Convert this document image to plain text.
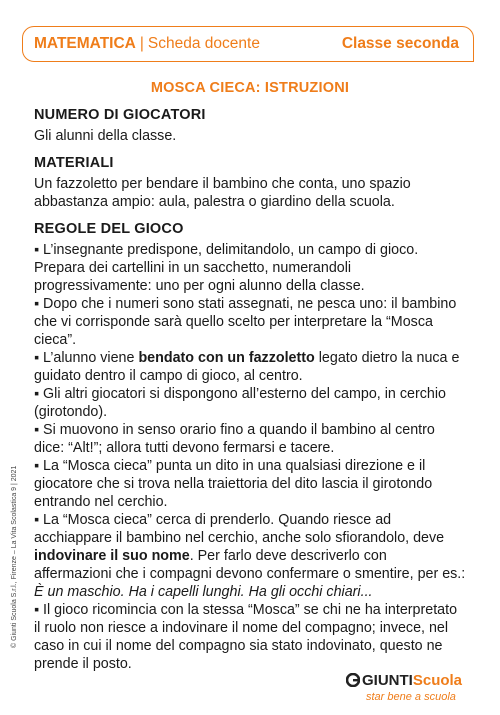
MATEMATICA | Scheda docente	Classe seconda
MOSCA CIECA: ISTRUZIONI
NUMERO DI GIOCATORI

Gli alunni della classe.

MATERIALI

Un fazzoletto per bendare il bambino che conta, uno spazio abbastanza ampio: aula, palestra o giardino della scuola.

REGOLE DEL GIOCO

▪ L’insegnante predispone, delimitandolo, un campo di gioco. Prepara dei cartellini in un sacchetto, numerandoli progressivamente: uno per ogni alunno della classe.

▪ Dopo che i numeri sono stati assegnati, ne pesca uno: il bambino che vi corrisponde sarà quello scelto per interpretare la “Mosca cieca”.

▪ L’alunno viene bendato con un fazzoletto legato dietro la nuca e guidato dentro il campo di gioco, al centro.

▪ Gli altri giocatori si dispongono all’esterno del campo, in cerchio (girotondo).

▪ Si muovono in senso orario fino a quando il bambino al centro dice: “Alt!”; allora tutti devono fermarsi e tacere.

▪ La “Mosca cieca” punta un dito in una qualsiasi direzione e il giocatore che si trova nella traiettoria del dito lascia il girotondo entrando nel cerchio.

▪ La “Mosca cieca” cerca di prenderlo. Quando riesce ad acchiappare il bambino nel cerchio, anche solo sfiorandolo, deve indovinare il suo nome. Per farlo deve descriverlo con affermazioni che i compagni devono confermare o smentire, per es.: È un maschio. Ha i capelli lunghi. Ha gli occhi chiari...

▪ Il gioco ricomincia con la stessa “Mosca” se chi ne ha interpretato il ruolo non riesce a indovinare il nome del compagno; invece, nel caso in cui il nome del compagno sia stato indovinato, questo ne prende il posto.

© Giunti Scuola S.r.l., Firenze – La Vita Scolastica 9 | 2021
GIUNTIScuola
star bene a scuola
